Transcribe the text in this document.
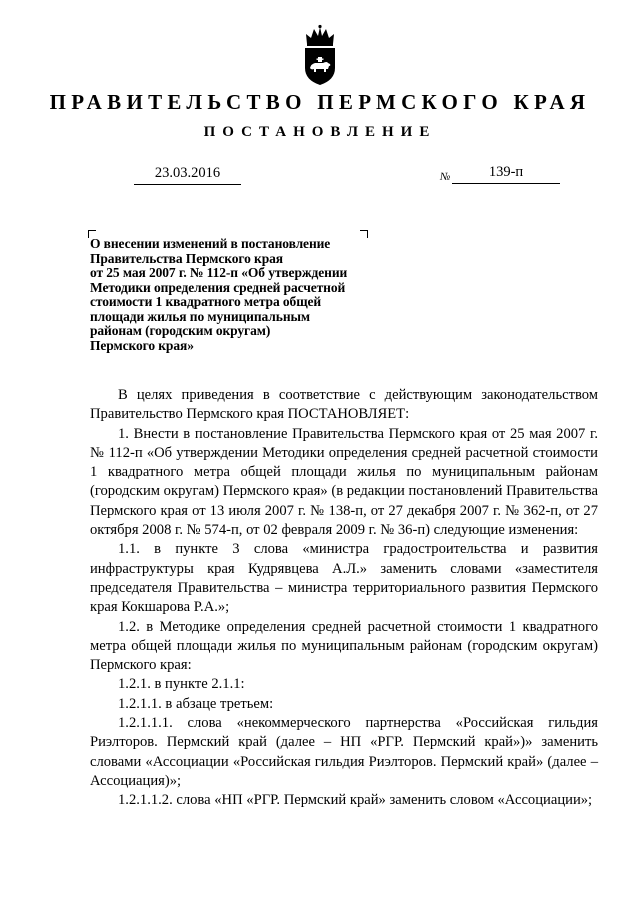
ПРАВИТЕЛЬСТВО ПЕРМСКОГО КРАЯ
ПОСТАНОВЛЕНИЕ
23.03.2016	№	139-п
О внесении изменений в постановление
Правительства Пермского края
от 25 мая 2007 г. № 112-п «Об утверждении
Методики определения средней расчетной
стоимости 1 квадратного метра общей
площади жилья по муниципальным
районам (городским округам)
Пермского края»

В целях приведения в соответствие с действующим законодательством Правительство Пермского края ПОСТАНОВЛЯЕТ:

1. Внести в постановление Правительства Пермского края от 25 мая 2007 г. № 112-п «Об утверждении Методики определения средней расчетной стоимости 1 квадратного метра общей площади жилья по муниципальным районам (городским округам) Пермского края» (в редакции постановлений Правительства Пермского края от 13 июля 2007 г. № 138-п, от 27 декабря 2007 г. № 362-п, от 27 октября 2008 г. № 574-п, от 02 февраля 2009 г. № 36-п) следующие изменения:

1.1. в пункте 3 слова «министра градостроительства и развития инфраструктуры края Кудрявцева А.Л.» заменить словами «заместителя председателя Правительства – министра территориального развития Пермского края Кокшарова Р.А.»;

1.2. в Методике определения средней расчетной стоимости 1 квадратного метра общей площади жилья по муниципальным районам (городским округам) Пермского края:

1.2.1. в пункте 2.1.1:

1.2.1.1. в абзаце третьем:

1.2.1.1.1. слова «некоммерческого партнерства «Российская гильдия Риэлторов. Пермский край (далее – НП «РГР. Пермский край»)» заменить словами «Ассоциации «Российская гильдия Риэлторов. Пермский край» (далее – Ассоциация)»;

1.2.1.1.2. слова «НП «РГР. Пермский край» заменить словом «Ассоциации»;
